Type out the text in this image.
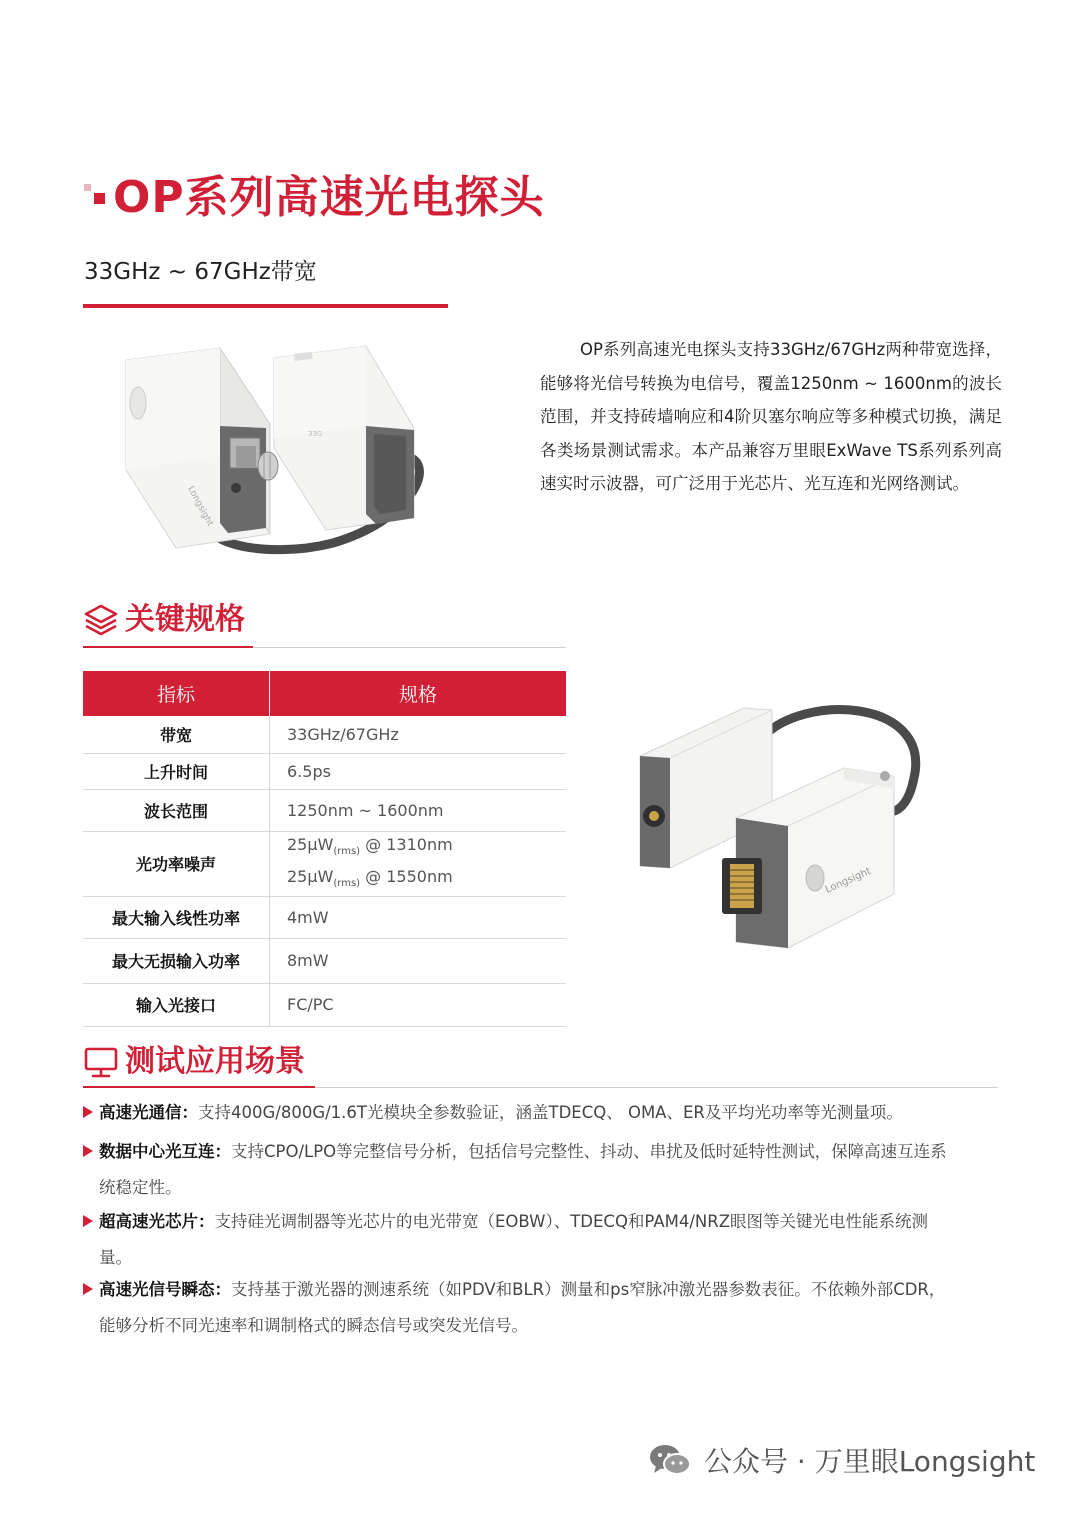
OP系列高速光电探头
33GHz ~ 67GHz带宽
Longsight
33G
OP系列高速光电探头支持33GHz/67GHz两种带宽选择，能够将光信号转换为电信号，覆盖1250nm ~ 1600nm的波长范围，并支持砖墙响应和4阶贝塞尔响应等多种模式切换，满足各类场景测试需求。本产品兼容万里眼ExWave TS系列系列高速实时示波器，可广泛用于光芯片、光互连和光网络测试。
关键规格
指标	规格
带宽	33GHz/67GHz
上升时间	6.5ps
波长范围	1250nm ~ 1600nm
光功率噪声	25µW$_{(rms)}$ @ 1310nm
25µW$_{(rms)}$ @ 1550nm

最大输入线性功率	4mW
最大无损输入功率	8mW
输入光接口	FC/PC
Longsight
测试应用场景
高速光通信：支持400G/800G/1.6T光模块全参数验证，涵盖TDECQ、 OMA、ER及平均光功率等光测量项。
数据中心光互连：支持CPO/LPO等完整信号分析，包括信号完整性、抖动、串扰及低时延特性测试，保障高速互连系
统稳定性。
超高速光芯片：支持硅光调制器等光芯片的电光带宽（EOBW）、TDECQ和PAM4/NRZ眼图等关键光电性能系统测
量。
高速光信号瞬态：支持基于激光器的测速系统（如PDV和BLR）测量和ps窄脉冲激光器参数表征。不依赖外部CDR，
能够分析不同光速率和调制格式的瞬态信号或突发光信号。
公众号 · 万里眼Longsight
